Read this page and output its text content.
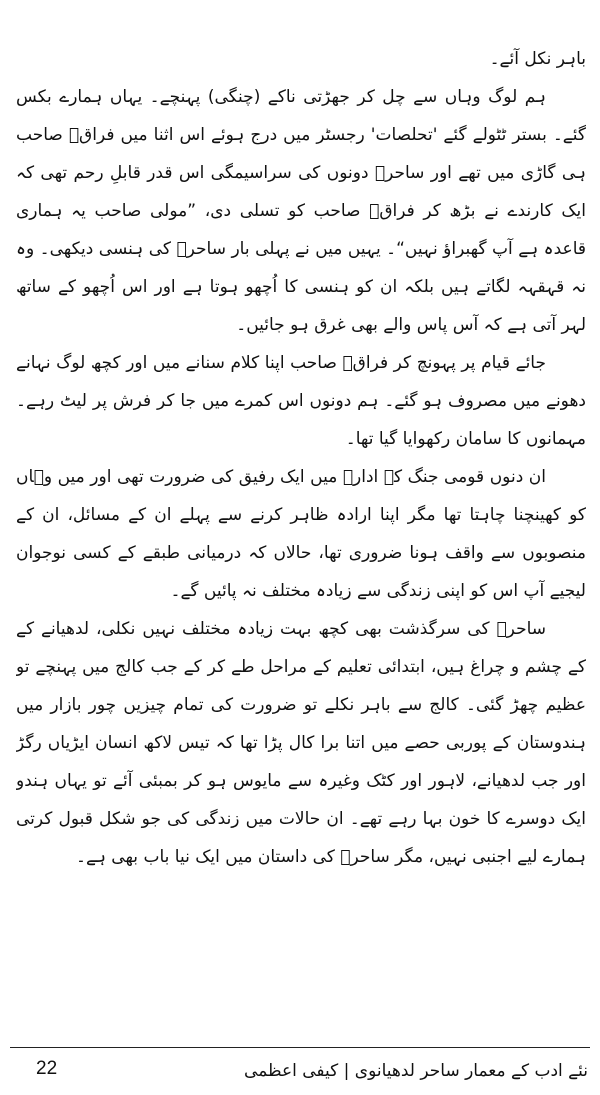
باہر نکل آئے۔
ہم لوگ وہاں سے چل کر جھڑتی ناکے (چنگی) پہنچے۔ یہاں ہمارے بکس
گئے۔ بستر ٹٹولے گئے 'تحلصات' رجسٹر میں درج ہوئے اس اثنا میں فراقؔ صاحب
ہی گاڑی میں تھے اور ساحرؔ دونوں کی سراسیمگی اس قدر قابلِ رحم تھی کہ
ایک کارندے نے بڑھ کر فراقؔ صاحب کو تسلی دی، ”مولی صاحب یہ ہماری
قاعدہ ہے آپ گھبراؤ نہیں“۔ یہیں میں نے پہلی بار ساحرؔ کی ہنسی دیکھی۔ وہ
نہ قہقہہ لگاتے ہیں بلکہ ان کو ہنسی کا اُچھو ہوتا ہے اور اس اُچھو کے ساتھ
لہر آتی ہے کہ آس پاس والے بھی غرق ہو جائیں۔
جائے قیام پر پہونچ کر فراقؔ صاحب اپنا کلام سنانے میں اور کچھ لوگ نہانے
دھونے میں مصروف ہو گئے۔ ہم دونوں اس کمرے میں جا کر فرش پر لیٹ رہے۔
مہمانوں کا سامان رکھوایا گیا تھا۔
ان دنوں قومی جنگ کے ادارے میں ایک رفیق کی ضرورت تھی اور میں وہاں
کو کھینچنا چاہتا تھا مگر اپنا ارادہ ظاہر کرنے سے پہلے ان کے مسائل، ان کے
منصوبوں سے واقف ہونا ضروری تھا، حالاں کہ درمیانی طبقے کے کسی نوجوان
لیجیے آپ اس کو اپنی زندگی سے زیادہ مختلف نہ پائیں گے۔
ساحرؔ کی سرگذشت بھی کچھ بہت زیادہ مختلف نہیں نکلی، لدھیانے کے
کے چشم و چراغ ہیں، ابتدائی تعلیم کے مراحل طے کر کے جب کالج میں پہنچے تو
عظیم چھڑ گئی۔ کالج سے باہر نکلے تو ضرورت کی تمام چیزیں چور بازار میں
ہندوستان کے پوربی حصے میں اتنا برا کال پڑا تھا کہ تیس لاکھ انسان ایڑیاں رگڑ
اور جب لدھیانے، لاہور اور کٹک وغیرہ سے مایوس ہو کر بمبئی آئے تو یہاں ہندو
ایک دوسرے کا خون بہا رہے تھے۔ ان حالات میں زندگی کی جو شکل قبول کرتی
ہمارے لیے اجنبی نہیں، مگر ساحرؔ کی داستان میں ایک نیا باب بھی ہے۔
نئے ادب کے معمار ساحر لدھیانوی | کیفی اعظمی
22
